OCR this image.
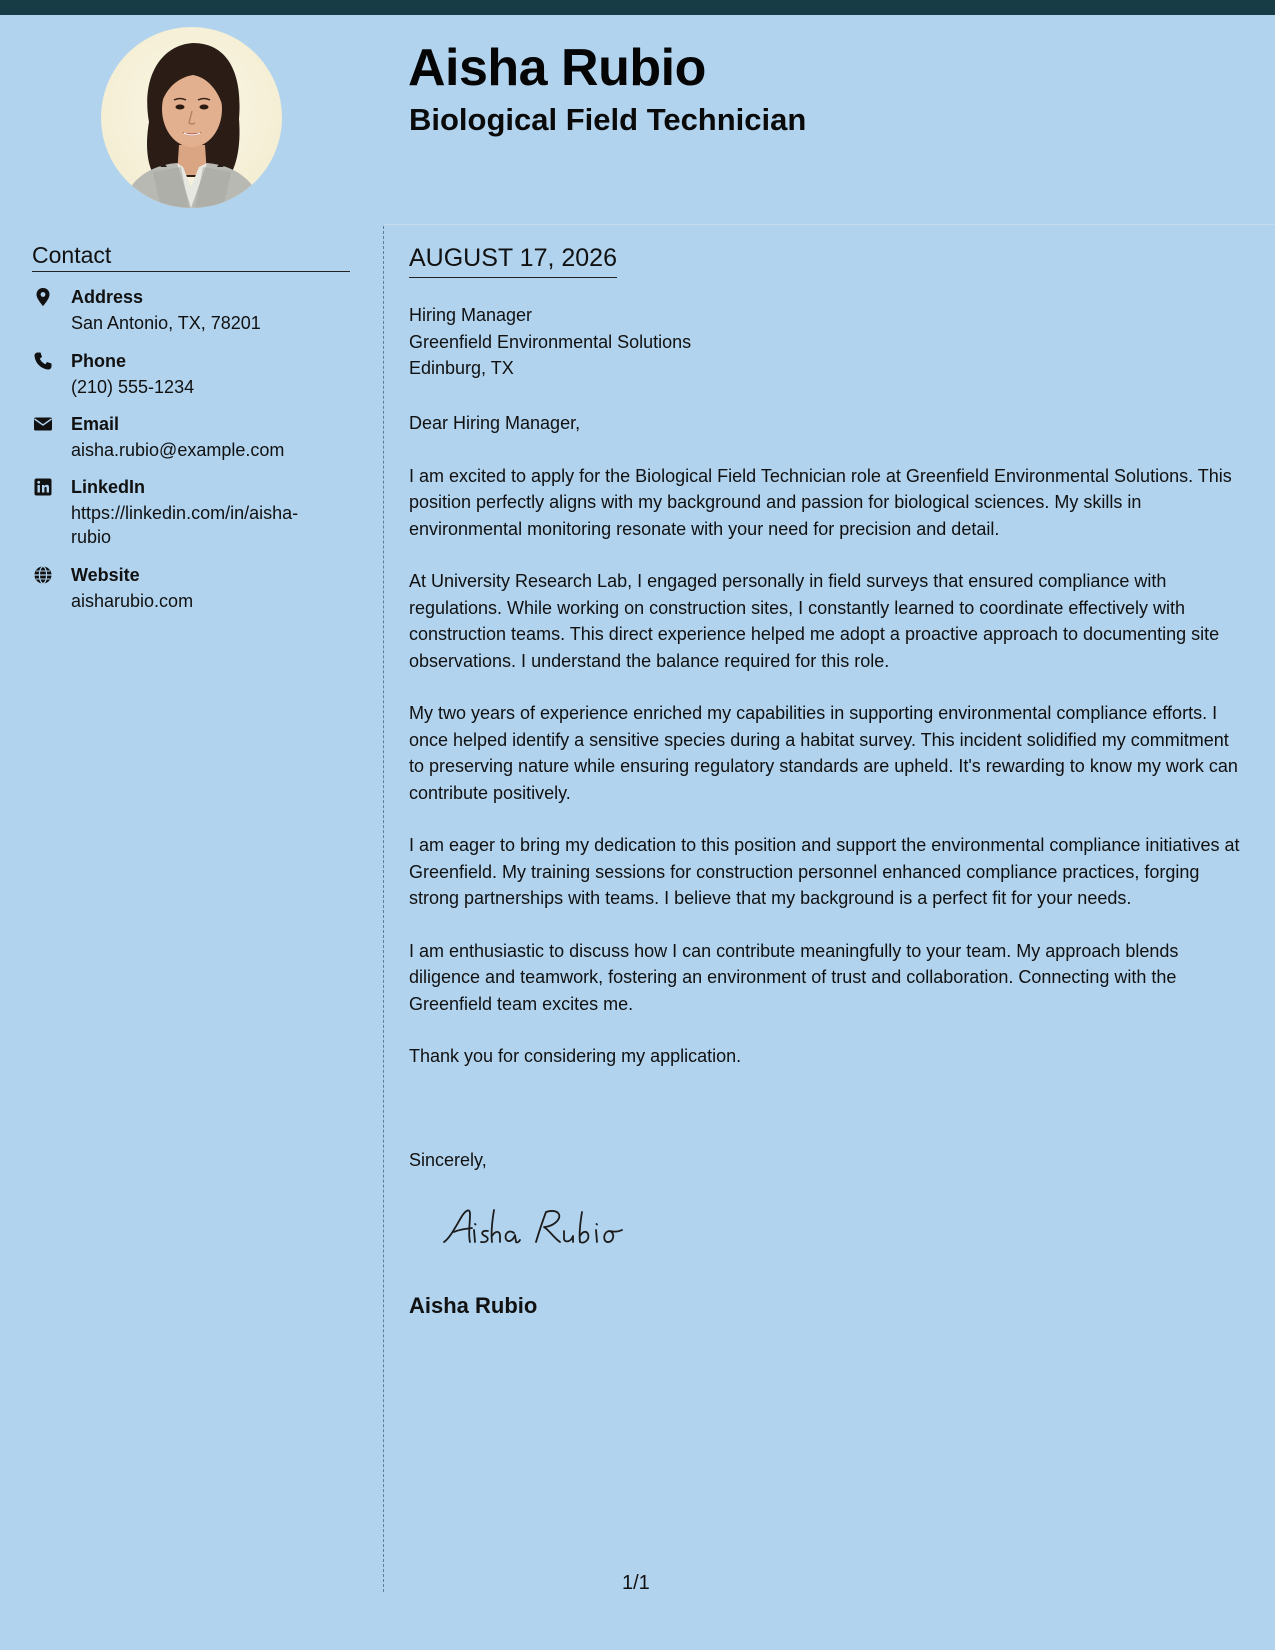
Aisha Rubio
Biological Field Technician
Contact
Address
San Antonio, TX, 78201
Phone
(210) 555-1234
Email
aisha.rubio@example.com
LinkedIn
https://linkedin.com/in/aisha-rubio
Website
aisharubio.com
AUGUST 17, 2026
Hiring Manager
Greenfield Environmental Solutions
Edinburg, TX

Dear Hiring Manager,

I am excited to apply for the Biological Field Technician role at Greenfield Environmental Solutions. This position perfectly aligns with my background and passion for biological sciences. My skills in environmental monitoring resonate with your need for precision and detail.

At University Research Lab, I engaged personally in field surveys that ensured compliance with regulations. While working on construction sites, I constantly learned to coordinate effectively with construction teams. This direct experience helped me adopt a proactive approach to documenting site observations. I understand the balance required for this role.

My two years of experience enriched my capabilities in supporting environmental compliance efforts. I once helped identify a sensitive species during a habitat survey. This incident solidified my commitment to preserving nature while ensuring regulatory standards are upheld. It's rewarding to know my work can contribute positively.

I am eager to bring my dedication to this position and support the environmental compliance initiatives at Greenfield. My training sessions for construction personnel enhanced compliance practices, forging strong partnerships with teams. I believe that my background is a perfect fit for your needs.

I am enthusiastic to discuss how I can contribute meaningfully to your team. My approach blends diligence and teamwork, fostering an environment of trust and collaboration. Connecting with the Greenfield team excites me.

Thank you for considering my application.

Sincerely,
Aisha Rubio
1/1
